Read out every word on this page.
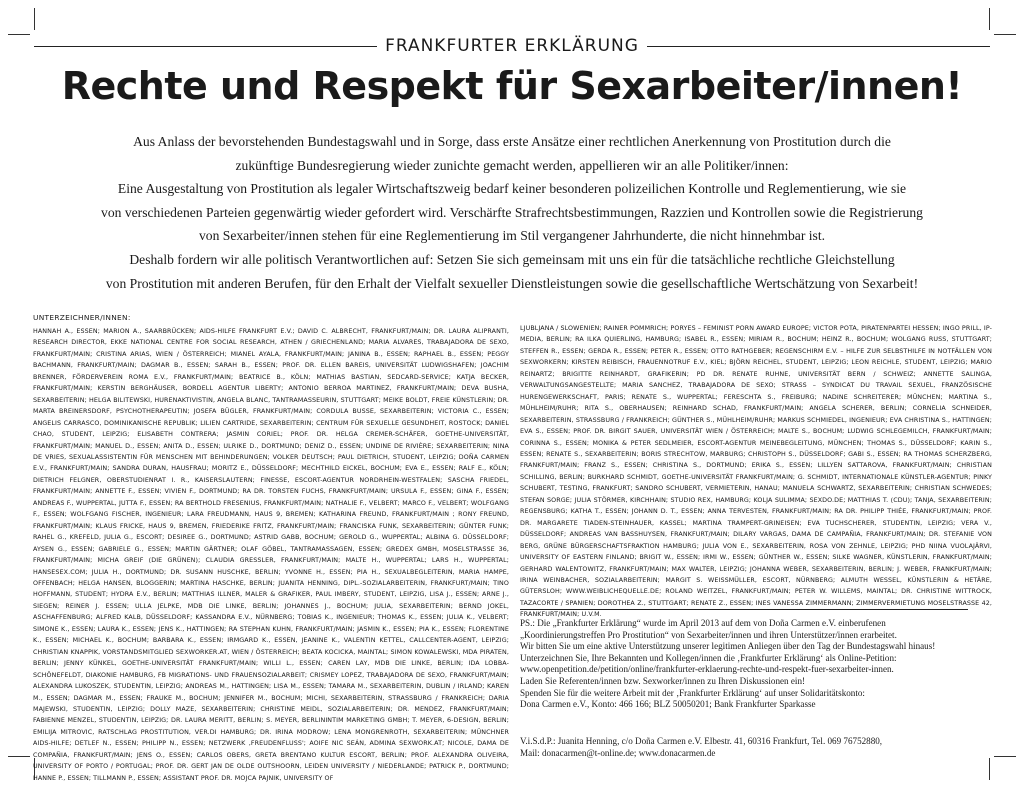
FRANKFURTER ERKLÄRUNG
Rechte und Respekt für Sexarbeiter/innen!

Aus Anlass der bevorstehenden Bundestagswahl und in Sorge, dass erste Ansätze einer rechtlichen Anerkennung von Prostitution durch die

zukünftige Bundesregierung wieder zunichte gemacht werden, appellieren wir an alle Politiker/innen:

Eine Ausgestaltung von Prostitution als legaler Wirtschaftszweig bedarf keiner besonderen polizeilichen Kontrolle und Reglementierung, wie sie

von verschiedenen Parteien gegenwärtig wieder gefordert wird. Verschärfte Strafrechtsbestimmungen, Razzien und Kontrollen sowie die Registrierung

von Sexarbeiter/innen stehen für eine Reglementierung im Stil vergangener Jahrhunderte, die nicht hinnehmbar ist.

Deshalb fordern wir alle politisch Verantwortlichen auf: Setzen Sie sich gemeinsam mit uns ein für die tatsächliche rechtliche Gleichstellung

von Prostitution mit anderen Berufen, für den Erhalt der Vielfalt sexueller Dienstleistungen sowie die gesellschaftliche Wertschätzung von Sexarbeit!

UNTERZEICHNER/INNEN:

HANNAH A., ESSEN; MARION A., SAARBRÜCKEN; AIDS-HILFE FRANKFURT E.V.; DAVID C. ALBRECHT, FRANKFURT/MAIN; DR. LAURA ALIPRANTI, RESEARCH DIRECTOR, EKKE NATIONAL CENTRE FOR SOCIAL RESEARCH, ATHEN / GRIECHENLAND; MARIA ALVARES, TRABAJADORA DE SEXO, FRANKFURT/MAIN; CRISTINA ARIAS, WIEN / ÖSTERREICH; MIANEL AYALA, FRANKFURT/MAIN; JANINA B., ESSEN; RAPHAEL B., ESSEN; PEGGY BACHMANN, FRANKFURT/MAIN; DAGMAR B., ESSEN; SARAH B., ESSEN; PROF. DR. ELLEN BAREIS, UNIVERSITÄT LUDWIGSHAFEN; JOACHIM BRENNER, FÖRDERVEREIN ROMA E.V., FRANKFURT/MAIN; BEATRICE B., KÖLN; MATHIAS BASTIAN, SEDCARD-SERVICE; KATJA BECKER, FRANKFURT/MAIN; KERSTIN BERGHÄUSER, BORDELL AGENTUR LIBERTY; ANTONIO BERROA MARTINEZ, FRANKFURT/MAIN; DEVA BUSHA, SEXARBEITERIN; HELGA BILITEWSKI, HURENAKTIVISTIN, ANGELA BLANC, TANTRAMASSEURIN, STUTTGART; MEIKE BOLDT, FREIE KÜNSTLERIN; DR. MARTA BREINERSDORF, PSYCHOTHERAPEUTIN; JOSEFA BÜGLER, FRANKFURT/MAIN; CORDULA BUSSE, SEXARBEITERIN; VICTORIA C., ESSEN; ANGELIS CARRASCO, DOMINIKANISCHE REPUBLIK; LILIEN CARTRIDE, SEXARBEITERIN; CENTRUM FÜR SEXUELLE GESUNDHEIT, ROSTOCK; DANIEL CHAO, STUDENT, LEIPZIG; ELISABETH CONTRERA; JASMIN CORIEL; PROF. DR. HELGA CREMER-SCHÄFER, GOETHE-UNIVERSITÄT, FRANKFURT/MAIN; MANUEL D., ESSEN; ANITA D., ESSEN; ULRIKE D., DORTMUND; DENIZ D., ESSEN; UNDINE DE RIVIÈRE; SEXARBEITERIN; NINA DE VRIES, SEXUALASSISTENTIN FÜR MENSCHEN MIT BEHINDERUNGEN; VOLKER DEUTSCH; PAUL DIETRICH, STUDENT, LEIPZIG; DOÑA CARMEN E.V., FRANKFURT/MAIN; SANDRA DURAN, HAUSFRAU; MORITZ E., DÜSSELDORF; MECHTHILD EICKEL, BOCHUM; EVA E., ESSEN; RALF E., KÖLN; DIETRICH FELGNER, OBERSTUDIENRAT I. R., KAISERSLAUTERN; FINESSE, ESCORT-AGENTUR NORDRHEIN-WESTFALEN; SASCHA FRIEDEL, FRANKFURT/MAIN; ANNETTE F., ESSEN; VIVIEN F., DORTMUND; RA DR. TORSTEN FUCHS, FRANKFURT/MAIN; URSULA F., ESSEN; GINA F., ESSEN; ANDREAS F., WUPPERTAL, JUTTA F., ESSEN; RA BERTHOLD FRESENIUS, FRANKFURT/MAIN; NATHALIE F., VELBERT; MARCO F., VELBERT; WOLFGANG F., ESSEN; WOLFGANG FISCHER, INGENIEUR; LARA FREUDMANN, HAUS 9, BREMEN; KATHARINA FREUND, FRANKFURT/MAIN ; RONY FREUND, FRANKFURT/MAIN; KLAUS FRICKE, HAUS 9, BREMEN, FRIEDERIKE FRITZ, FRANKFURT/MAIN; FRANCISKA FUNK, SEXARBEITERIN; GÜNTER FUNK; RAHEL G., KREFELD, JULIA G., ESCORT; DESIREE G., DORTMUND; ASTRID GABB, BOCHUM; GEROLD G., WUPPERTAL; ALBINA G. DÜSSELDORF; AYSEN G., ESSEN; GABRIELE G., ESSEN; MARTIN GÄRTNER; OLAF GÖBEL, TANTRAMASSAGEN, ESSEN; GREDEX GMBH, MOSELSTRASSE 36, FRANKFURT/MAIN; MICHA GREIF (DIE GRÜNEN); CLAUDIA GRESSLER, FRANKFURT/MAIN; MALTE H., WUPPERTAL; LARS H., WUPPERTAL; HANSESEX.COM; JULIA H., DORTMUND; DR. SUSANN HUSCHKE, BERLIN; YVONNE H., ESSEN; PIA H., SEXUALBEGLEITERIN, MARIA HAMPE, OFFENBACH; HELGA HANSEN, BLOGGERIN; MARTINA HASCHKE, BERLIN; JUANITA HENNING, DIPL.-SOZIALARBEITERIN, FRANKFURT/MAIN; TINO HOFFMANN, STUDENT; HYDRA E.V., BERLIN; MATTHIAS ILLNER, MALER & GRAFIKER, PAUL IMBERY, STUDENT, LEIPZIG, LISA J., ESSEN; ARNE J., SIEGEN; REINER J. ESSEN; ULLA JELPKE, MDB DIE LINKE, BERLIN; JOHANNES J., BOCHUM; JULIA, SEXARBEITERIN; BERND JOKEL, ASCHAFFENBURG; ALFRED KALB, DÜSSELDORF; KASSANDRA E.V., NÜRNBERG; TOBIAS K., INGENIEUR; THOMAS K., ESSEN; JULIA K., VELBERT; SIMONE K., ESSEN; LAURA K., ESSEN; JENS K., HATTINGEN; RA STEPHAN KUHN, FRANKFURT/MAIN; JASMIN K., ESSEN; PIA K., ESSEN; FLORENTINE K., ESSEN; MICHAEL K., BOCHUM; BARBARA K., ESSEN; IRMGARD K., ESSEN, JEANINE K., VALENTIN KETTEL, CALLCENTER-AGENT, LEIPZIG; CHRISTIAN KNAPPIK, VORSTANDSMITGLIED SEXWORKER.AT, WIEN / ÖSTERREICH; BEATA KOCICKA, MAINTAL; SIMON KOWALEWSKI, MDA PIRATEN, BERLIN; JENNY KÜNKEL, GOETHE-UNIVERSITÄT FRANKFURT/MAIN; WILLI L., ESSEN; CAREN LAY, MDB DIE LINKE, BERLIN; IDA LOBBA-SCHÖNEFELDT, DIAKONIE HAMBURG, FB MIGRATIONS- UND FRAUENSOZIALARBEIT; CRISMEY LOPEZ, TRABAJADORA DE SEXO, FRANKFURT/MAIN; ALEXANDRA LUKOSZEK, STUDENTIN, LEIPZIG; ANDREAS M., HATTINGEN; LISA M., ESSEN; TAMARA M., SEXARBEITERIN, DUBLIN / IRLAND; KAREN M., ESSEN; DAGMAR M., ESSEN; FRAUKE M., BOCHUM; JENNIFER M., BOCHUM; MICHI, SEXARBEITERIN, STRASSBURG / FRANKREICH; DARIA MAJEWSKI, STUDENTIN, LEIPZIG; DOLLY MAZE, SEXARBEITERIN; CHRISTINE MEIDL, SOZIALARBEITERIN; DR. MENDEZ, FRANKFURT/MAIN; FABIENNE MENZEL, STUDENTIN, LEIPZIG; DR. LAURA MERITT, BERLIN; S. MEYER, BERLININTIM MARKETING GMBH; T. MEYER, 6-DESIGN, BERLIN; EMILIJA MITROVIC, RATSCHLAG PROSTITUTION, VER.DI HAMBURG; DR. IRINA MODROW; LENA MONGRENROTH, SEXARBEITERIN; MÜNCHNER AIDS-HILFE; DETLEF N., ESSEN; PHILIPP N., ESSEN; NETZWERK ‚FREUDENFLUSS'; AOIFE NIC SEÁN, ADMINA SEXWORK.AT; NICOLE, DAMA DE COMPAÑIA, FRANKFURT/MAIN; JENS O., ESSEN; CARLOS OBERS, GRETA BRENTANO KULTUR ESCORT, BERLIN; PROF. ALEXANDRA OLIVEIRA, UNIVERSITY OF PORTO / PORTUGAL; PROF. DR. GERT JAN DE OLDE OUTSHOORN, LEIDEN UNIVERSITY / NIEDERLANDE; PATRICK P., DORTMUND; HANNE P., ESSEN; TILLMANN P., ESSEN; ASSISTANT PROF. DR. MOJCA PAJNIK, UNIVERSITY OF

LJUBLJANA / SLOWENIEN; RAINER POMMRICH; PORYES – FEMINIST PORN AWARD EUROPE; VICTOR POTA, PIRATENPARTEI HESSEN; INGO PRILL, IP-MEDIA, BERLIN; RA ILKA QUIERLING, HAMBURG; ISABEL R., ESSEN; MIRIAM R., BOCHUM; HEINZ R., BOCHUM; WOLGANG RUSS, STUTTGART; STEFFEN R., ESSEN; GERDA R., ESSEN; PETER R., ESSEN; OTTO RATHGEBER; REGENSCHIRM E.V. – HILFE ZUR SELBSTHILFE IN NOTFÄLLEN VON SEXWORKERN; KIRSTEN REIBISCH, FRAUENNOTRUF E.V., KIEL; BJÖRN REICHEL, STUDENT, LEIPZIG; LEON REICHLE, STUDENT, LEIPZIG; MARIO REINARTZ; BRIGITTE REINHARDT, GRAFIKERIN; PD DR. RENATE RUHNE, UNIVERSITÄT BERN / SCHWEIZ; ANNETTE SALINGA, VERWALTUNGSANGESTELLTE; MARIA SANCHEZ, TRABAJADORA DE SEXO; STRASS – SYNDICAT DU TRAVAIL SEXUEL, FRANZÖSISCHE HURENGEWERKSCHAFT, PARIS; RENATE S., WUPPERTAL; FERESCHTA S., FREIBURG; NADINE SCHREITERER; MÜNCHEN; MARTINA S., MÜHLHEIM/RUHR; RITA S., OBERHAUSEN; REINHARD SCHAD, FRANKFURT/MAIN; ANGELA SCHERER, BERLIN; CORNELIA SCHNEIDER, SEXARBEITERIN, STRASSBURG / FRANKREICH; GÜNTHER S., MÜHLHEIM/RUHR; MARKUS SCHMIEDEL, INGENIEUR; EVA CHRISTINA S., HATTINGEN; EVA S., ESSEN; PROF. DR. BIRGIT SAUER, UNIVERSITÄT WIEN / ÖSTERREICH; MALTE S., BOCHUM; LUDWIG SCHLEGEMILCH, FRANKFURT/MAIN; CORINNA S., ESSEN; MONIKA & PETER SEDLMEIER, ESCORT-AGENTUR MEINEBEGLEITUNG, MÜNCHEN; THOMAS S., DÜSSELDORF; KARIN S., ESSEN; RENATE S., SEXARBEITERIN; BORIS STRECHTOW, MARBURG; CHRISTOPH S., DÜSSELDORF; GABI S., ESSEN; RA THOMAS SCHERZBERG, FRANKFURT/MAIN; FRANZ S., ESSEN; CHRISTINA S., DORTMUND; ERIKA S., ESSEN; LILLYEN SATTAROVA, FRANKFURT/MAIN; CHRISTIAN SCHILLING, BERLIN; BURKHARD SCHMIDT, GOETHE-UNIVERSITÄT FRANKFURT/MAIN; G. SCHMIDT, INTERNATIONALE KÜNSTLER-AGENTUR; PINKY SCHUBERT, TESTING, FRANKFURT; SANDRO SCHUBERT, VERMIETERIN, HANAU; MANUELA SCHWARTZ, SEXARBEITERIN; CHRISTIAN SCHWEDES; STEFAN SORGE; JULIA STÖRMER, KIRCHHAIN; STUDIO REX, HAMBURG; KOLJA SULIMMA; SEXDO.DE; MATTHIAS T. (CDU); TANJA, SEXARBEITERIN; REGENSBURG; KATHA T., ESSEN; JOHANN D. T., ESSEN; ANNA TERVESTEN, FRANKFURT/MAIN; RA DR. PHILIPP THIÉE, FRANKFURT/MAIN; PROF. DR. MARGARETE TIADEN-STEINHAUER, KASSEL; MARTINA TRAMPERT-GRINEISEN; EVA TUCHSCHERER, STUDENTIN, LEIPZIG; VERA V., DÜSSELDORF; ANDREAS VAN BASSHUYSEN, FRANKFURT/MAIN; DILARY VARGAS, DAMA DE CAMPAÑIA, FRANKFURT/MAIN; DR. STEFANIE VON BERG, GRÜNE BÜRGERSCHAFTSFRAKTION HAMBURG; JULIA VON E., SEXARBEITERIN, ROSA VON ZEHNLE, LEIPZIG; PHD NIINA VUOLAJÄRVI, UNIVERSITY OF EASTERN FINLAND; BRIGIT W., ESSEN; IRMI W., ESSEN; GÜNTHER W., ESSEN; SILKE WAGNER, KÜNSTLERIN, FRANKFURT/MAIN; GERHARD WALENTOWITZ, FRANKFURT/MAIN; MAX WALTER, LEIPZIG; JOHANNA WEBER, SEXARBEITERIN, BERLIN; J. WEBER, FRANKFURT/MAIN; IRINA WEINBACHER, SOZIALARBEITERIN; MARGIT S. WEISSMÜLLER, ESCORT, NÜRNBERG; ALMUTH WESSEL, KÜNSTLERIN & HETÄRE, GÜTERSLOH; WWW.WEIBLICHEQUELLE.DE; ROLAND WEITZEL, FRANKFURT/MAIN; PETER W. WILLEMS, MAINTAL; DR. CHRISTINE WITTROCK, TAZACORTE / SPANIEN; DOROTHEA Z., STUTTGART; RENATE Z., ESSEN; INES VANESSA ZIMMERMANN; ZIMMERVERMIETUNG MOSELSTRASSE 42, FRANKFURT/MAIN; U.V.M.

PS.: Die „Frankfurter Erklärung“ wurde im April 2013 auf dem von Doña Carmen e.V. einberufenen
„Koordinierungstreffen Pro Prostitution“ von Sexarbeiter/innen und ihren Unterstützer/innen erarbeitet.
Wir bitten Sie um eine aktive Unterstützung unserer legitimen Anliegen über den Tag der Bundestagswahl hinaus!
Unterzeichnen Sie, Ihre Bekannten und Kollegen/innen die ‚Frankfurter Erklärung‘ als Online-Petition:
www.openpetition.de/petition/online/frankfurter-erklaerung-rechte-und-respekt-fuer-sexarbeiter-innen.
Laden Sie Referenten/innen bzw. Sexworker/innen zu Ihren Diskussionen ein!
Spenden Sie für die weitere Arbeit mit der ‚Frankfurter Erklärung‘ auf unser Solidaritätskonto:
Dona Carmen e.V., Konto: 466 166; BLZ 50050201; Bank Frankfurter Sparkasse
V.i.S.d.P.: Juanita Henning, c/o Doña Carmen e.V. Elbestr. 41, 60316 Frankfurt, Tel. 069 76752880,
Mail: donacarmen@t-online.de; www.donacarmen.de
